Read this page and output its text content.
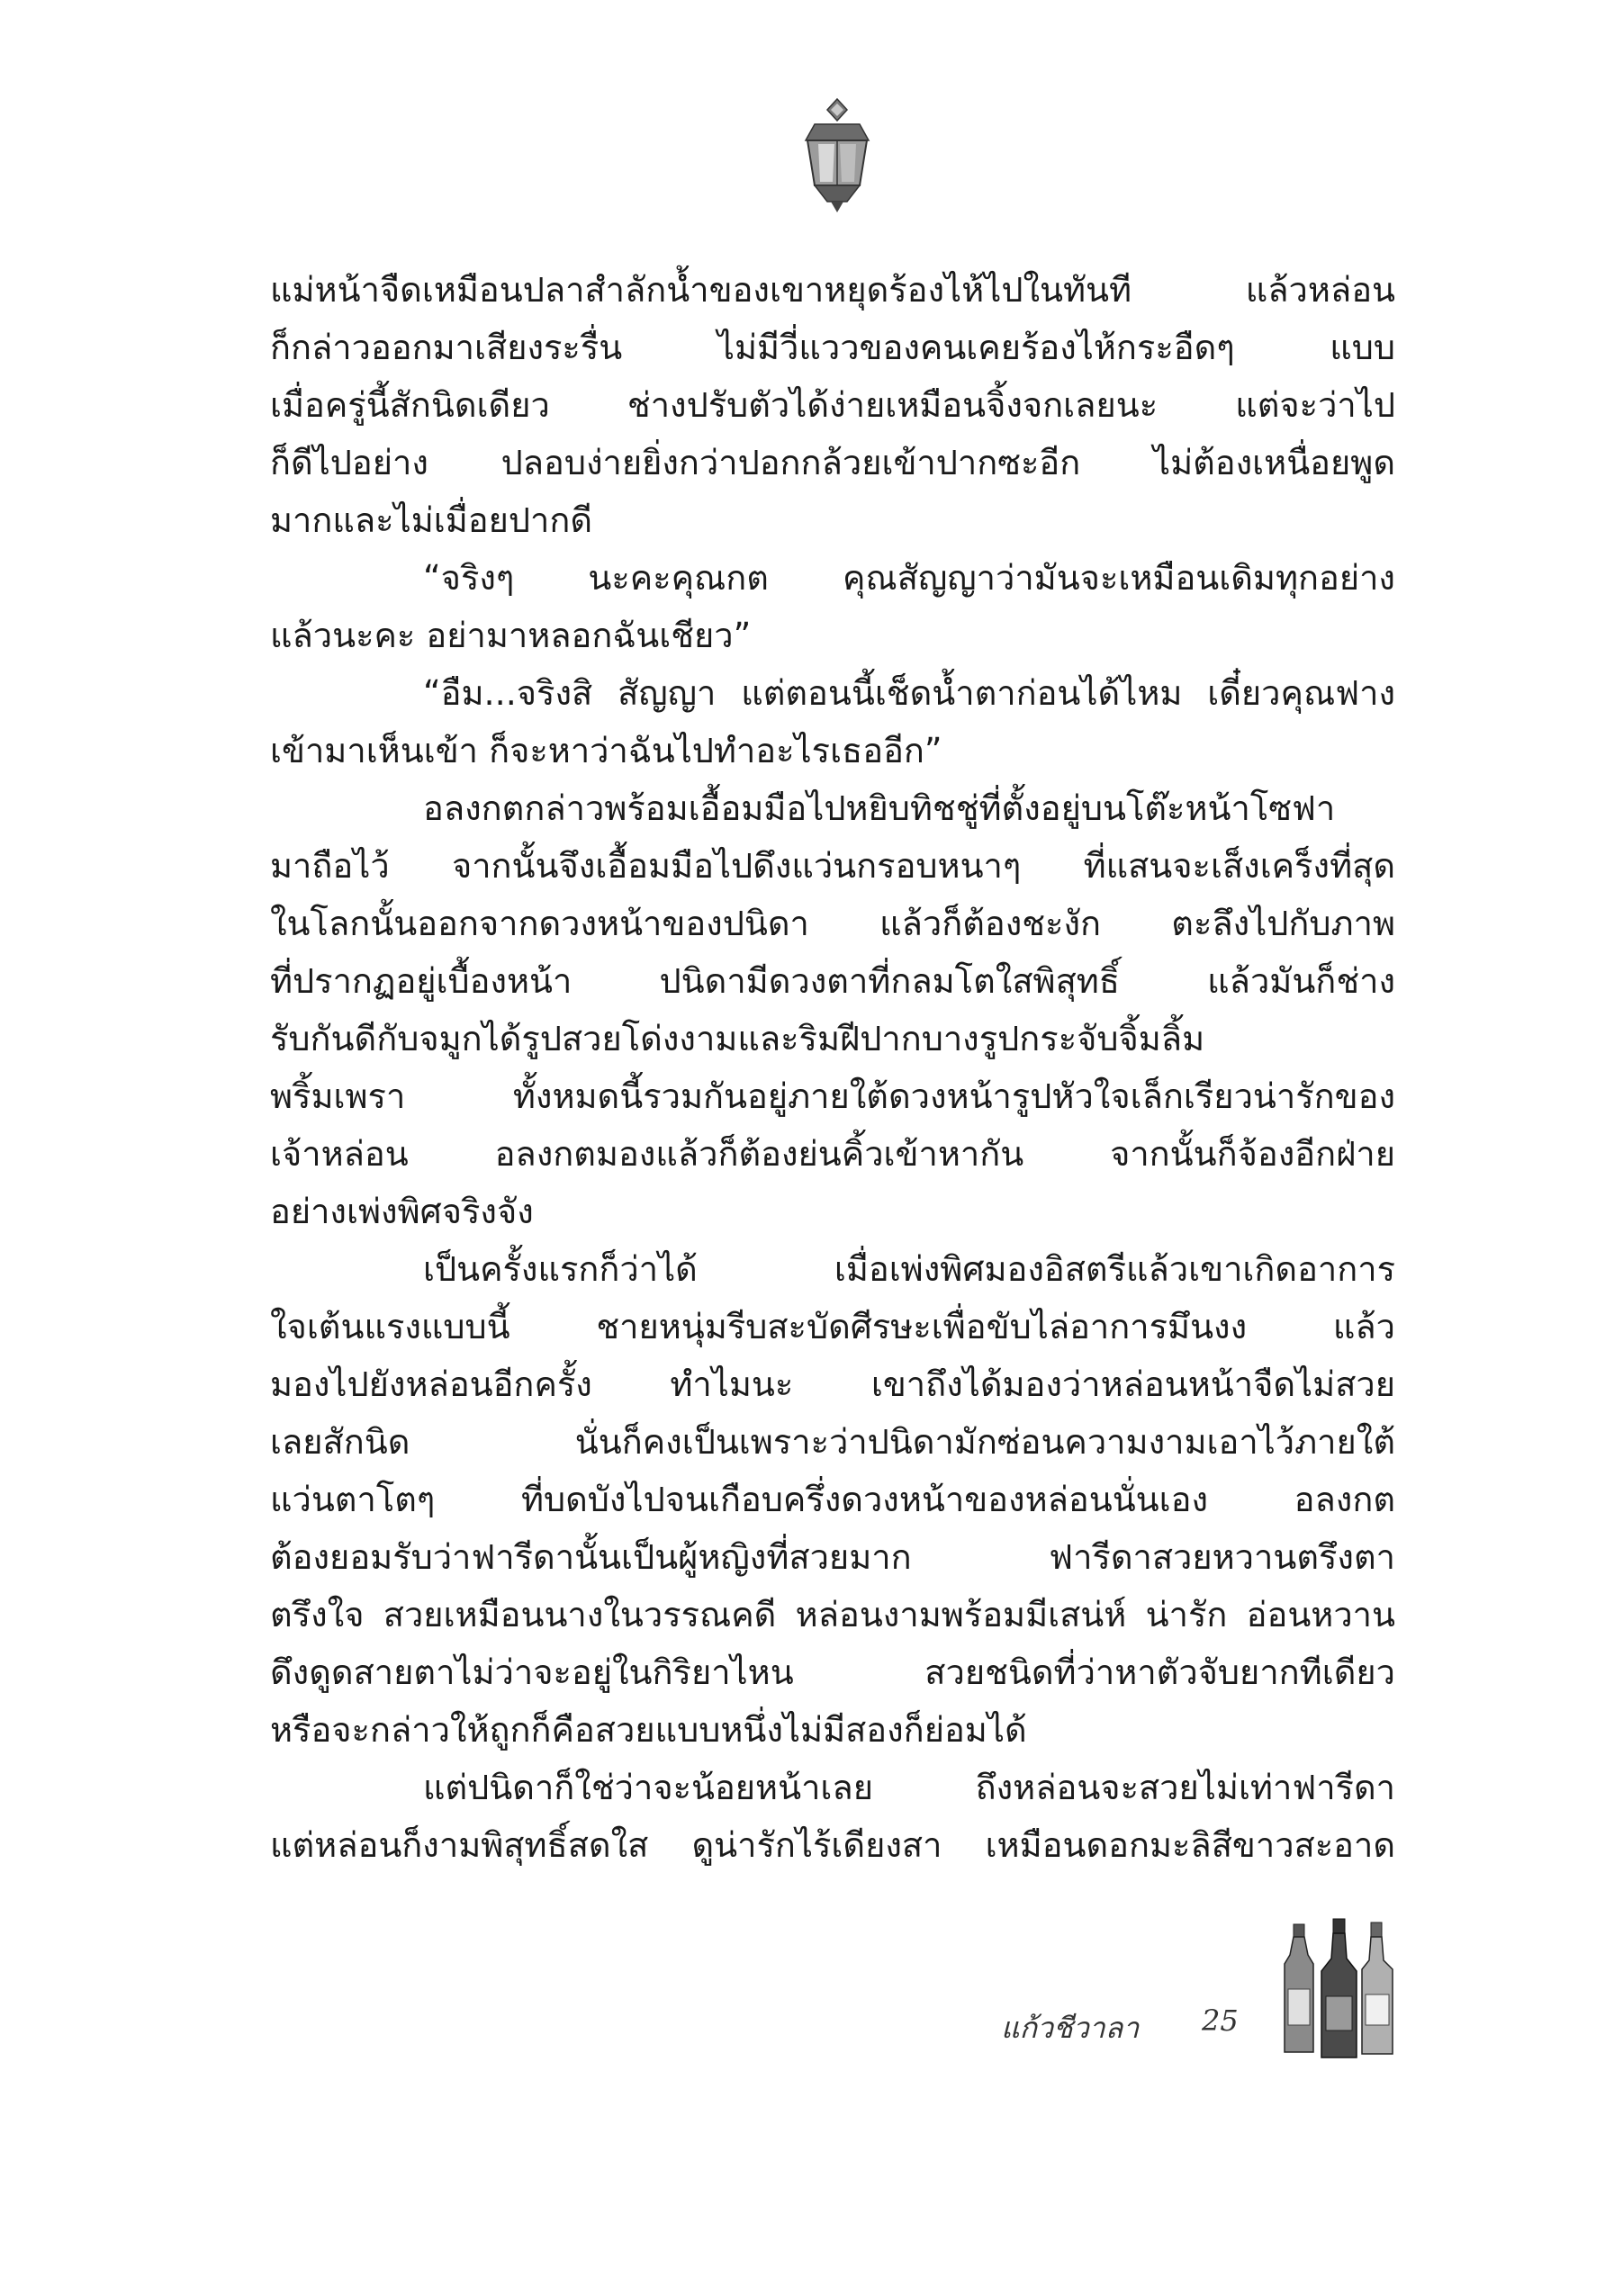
แม่หน้าจืดเหมือนปลาสำลักน้ำของเขาหยุดร้องไห้ไปในทันที แล้วหล่อน
ก็กล่าวออกมาเสียงระรื่น ไม่มีวี่แววของคนเคยร้องไห้กระอืดๆ แบบ
เมื่อครู่นี้สักนิดเดียว ช่างปรับตัวได้ง่ายเหมือนจิ้งจกเลยนะ แต่จะว่าไป
ก็ดีไปอย่าง ปลอบง่ายยิ่งกว่าปอกกล้วยเข้าปากซะอีก ไม่ต้องเหนื่อยพูด
มากและไม่เมื่อยปากดี
“จริงๆ นะคะคุณกต คุณสัญญาว่ามันจะเหมือนเดิมทุกอย่าง
แล้วนะคะ อย่ามาหลอกฉันเชียว”
“อืม...จริงสิ สัญญา แต่ตอนนี้เช็ดน้ำตาก่อนได้ไหม เดี๋ยวคุณฟาง
เข้ามาเห็นเข้า ก็จะหาว่าฉันไปทำอะไรเธออีก”
อลงกตกล่าวพร้อมเอื้อมมือไปหยิบทิชชู่ที่ตั้งอยู่บนโต๊ะหน้าโซฟา
มาถือไว้ จากนั้นจึงเอื้อมมือไปดึงแว่นกรอบหนาๆ ที่แสนจะเส็งเคร็งที่สุด
ในโลกนั้นออกจากดวงหน้าของปนิดา แล้วก็ต้องชะงัก ตะลึงไปกับภาพ
ที่ปรากฏอยู่เบื้องหน้า ปนิดามีดวงตาที่กลมโตใสพิสุทธิ์ แล้วมันก็ช่าง
รับกันดีกับจมูกได้รูปสวยโด่งงามและริมฝีปากบางรูปกระจับจิ้มลิ้ม
พริ้มเพรา ทั้งหมดนี้รวมกันอยู่ภายใต้ดวงหน้ารูปหัวใจเล็กเรียวน่ารักของ
เจ้าหล่อน อลงกตมองแล้วก็ต้องย่นคิ้วเข้าหากัน จากนั้นก็จ้องอีกฝ่าย
อย่างเพ่งพิศจริงจัง
เป็นครั้งแรกก็ว่าได้ เมื่อเพ่งพิศมองอิสตรีแล้วเขาเกิดอาการ
ใจเต้นแรงแบบนี้ ชายหนุ่มรีบสะบัดศีรษะเพื่อขับไล่อาการมึนงง แล้ว
มองไปยังหล่อนอีกครั้ง ทำไมนะ เขาถึงได้มองว่าหล่อนหน้าจืดไม่สวย
เลยสักนิด นั่นก็คงเป็นเพราะว่าปนิดามักซ่อนความงามเอาไว้ภายใต้
แว่นตาโตๆ ที่บดบังไปจนเกือบครึ่งดวงหน้าของหล่อนนั่นเอง อลงกต
ต้องยอมรับว่าฟารีดานั้นเป็นผู้หญิงที่สวยมาก ฟารีดาสวยหวานตรึงตา
ตรึงใจ สวยเหมือนนางในวรรณคดี หล่อนงามพร้อมมีเสน่ห์ น่ารัก อ่อนหวาน
ดึงดูดสายตาไม่ว่าจะอยู่ในกิริยาไหน สวยชนิดที่ว่าหาตัวจับยากทีเดียว
หรือจะกล่าวให้ถูกก็คือสวยแบบหนึ่งไม่มีสองก็ย่อมได้
แต่ปนิดาก็ใช่ว่าจะน้อยหน้าเลย ถึงหล่อนจะสวยไม่เท่าฟารีดา
แต่หล่อนก็งามพิสุทธิ์สดใส ดูน่ารักไร้เดียงสา เหมือนดอกมะลิสีขาวสะอาด
แก้วชีวาลา 25
